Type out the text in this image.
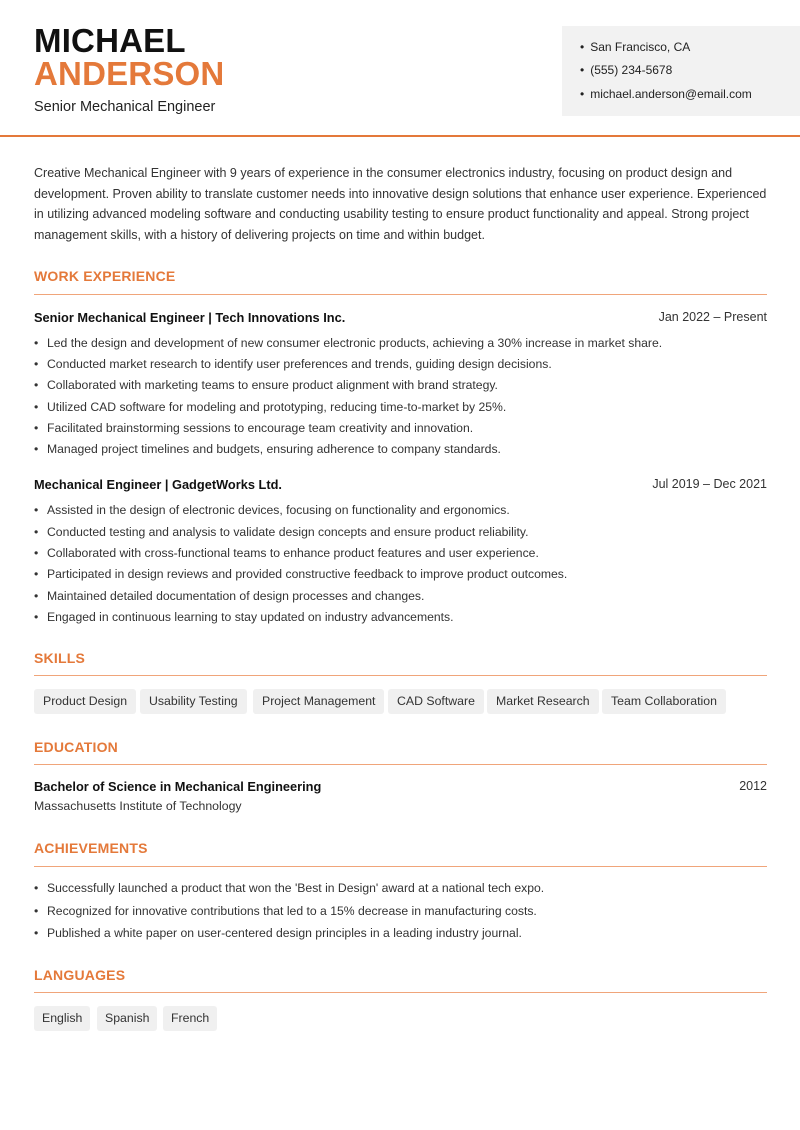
MICHAEL
ANDERSON
Senior Mechanical Engineer
• San Francisco, CA
• (555) 234-5678
• michael.anderson@email.com

Creative Mechanical Engineer with 9 years of experience in the consumer electronics industry, focusing on product design and development. Proven ability to translate customer needs into innovative design solutions that enhance user experience. Experienced in utilizing advanced modeling software and conducting usability testing to ensure product functionality and appeal. Strong project management skills, with a history of delivering projects on time and within budget.

WORK EXPERIENCE
Senior Mechanical Engineer | Tech Innovations Inc.	Jan 2022 – Present
• Led the design and development of new consumer electronic products, achieving a 30% increase in market share.
• Conducted market research to identify user preferences and trends, guiding design decisions.
• Collaborated with marketing teams to ensure product alignment with brand strategy.
• Utilized CAD software for modeling and prototyping, reducing time-to-market by 25%.
• Facilitated brainstorming sessions to encourage team creativity and innovation.
• Managed project timelines and budgets, ensuring adherence to company standards.
Mechanical Engineer | GadgetWorks Ltd.	Jul 2019 – Dec 2021
• Assisted in the design of electronic devices, focusing on functionality and ergonomics.
• Conducted testing and analysis to validate design concepts and ensure product reliability.
• Collaborated with cross-functional teams to enhance product features and user experience.
• Participated in design reviews and provided constructive feedback to improve product outcomes.
• Maintained detailed documentation of design processes and changes.
• Engaged in continuous learning to stay updated on industry advancements.
SKILLS
Product Design	Usability Testing	Project Management	CAD Software	Market Research	Team Collaboration
EDUCATION
Bachelor of Science in Mechanical Engineering	2012
Massachusetts Institute of Technology
ACHIEVEMENTS
• Successfully launched a product that won the 'Best in Design' award at a national tech expo.
• Recognized for innovative contributions that led to a 15% decrease in manufacturing costs.
• Published a white paper on user-centered design principles in a leading industry journal.
LANGUAGES
English	Spanish	French
